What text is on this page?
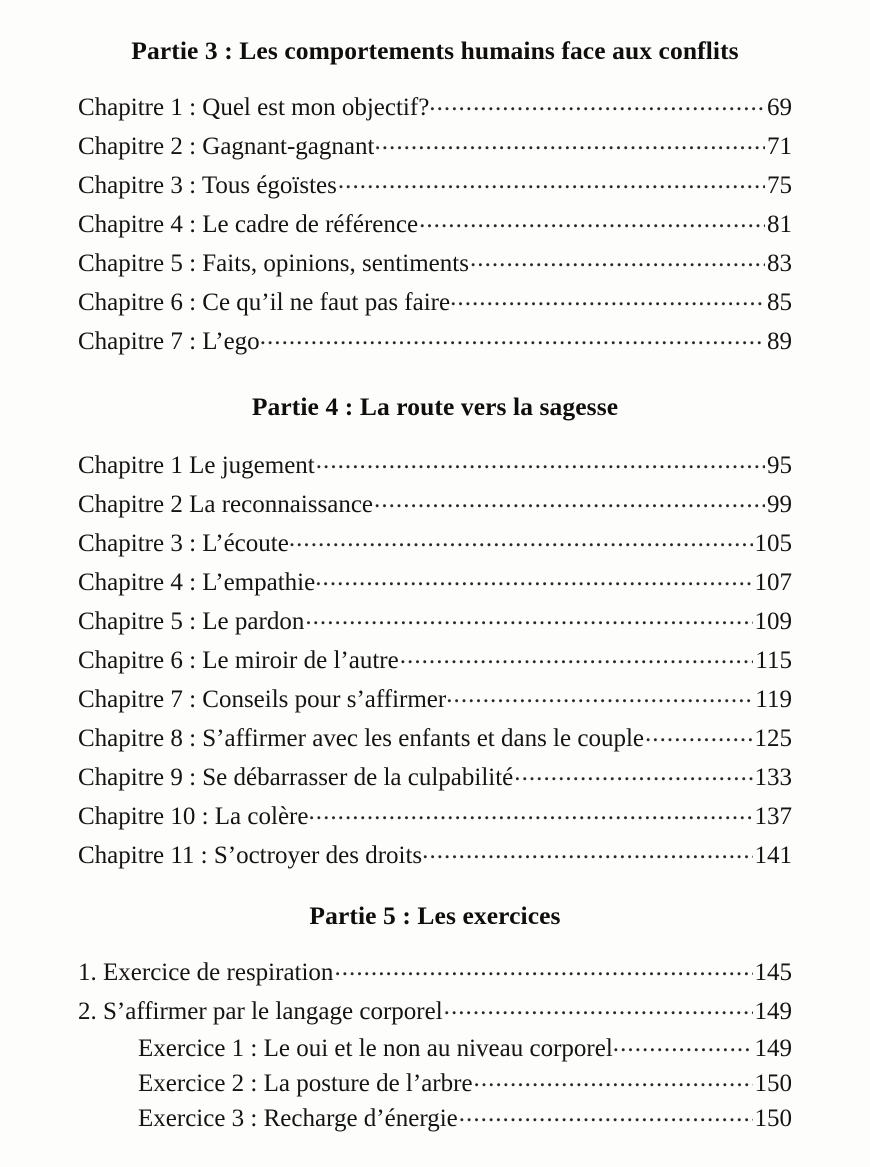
Partie 3 : Les comportements humains face aux conflits
Chapitre 1 : Quel est mon objectif? .....	69
Chapitre 2 : Gagnant-gagnant .....	71
Chapitre 3 : Tous égoïstes .....	75
Chapitre 4 : Le cadre de référence .....	81
Chapitre 5 : Faits, opinions, sentiments .....	83
Chapitre 6 : Ce qu’il ne faut pas faire .....	85
Chapitre 7 : L’ego .....	89
Partie 4 : La route vers la sagesse
Chapitre 1 Le jugement .....	95
Chapitre 2 La reconnaissance .....	99
Chapitre 3 : L’écoute .....	105
Chapitre 4 : L’empathie .....	107
Chapitre 5 : Le pardon .....	109
Chapitre 6 : Le miroir de l’autre .....	115
Chapitre 7 : Conseils pour s’affirmer .....	119
Chapitre 8 : S’affirmer avec les enfants et dans le couple .....	125
Chapitre 9 : Se débarrasser de la culpabilité .....	133
Chapitre 10 : La colère .....	137
Chapitre 11 : S’octroyer des droits .....	141
Partie 5 : Les exercices
1. Exercice de respiration .....	145
2. S’affirmer par le langage corporel .....	149
Exercice 1 : Le oui et le non au niveau corporel .....	149
Exercice 2 : La posture de l’arbre .....	150
Exercice 3 : Recharge d’énergie .....	150
